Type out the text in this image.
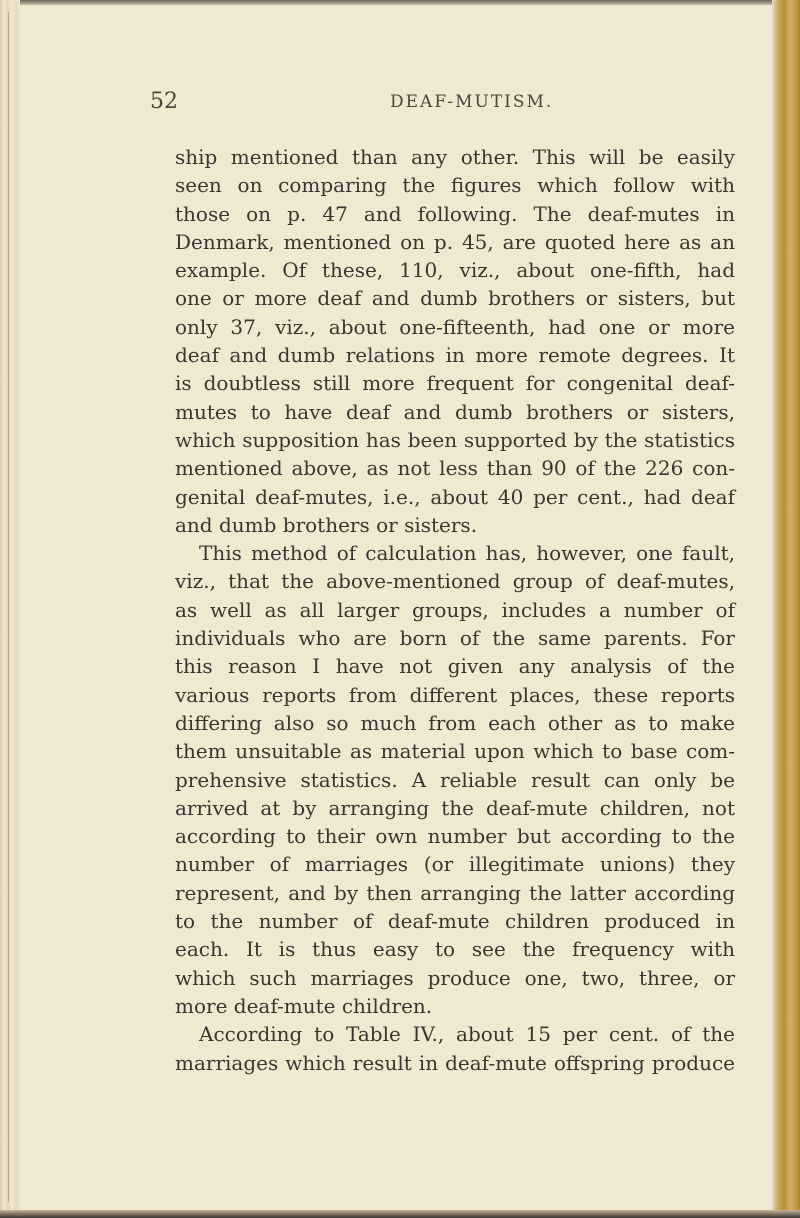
52	DEAF-MUTISM.
ship mentioned than any other. This will be easily
seen on comparing the figures which follow with
those on p. 47 and following. The deaf-mutes in
Denmark, mentioned on p. 45, are quoted here as an
example. Of these, 110, viz., about one-fifth, had
one or more deaf and dumb brothers or sisters, but
only 37, viz., about one-fifteenth, had one or more
deaf and dumb relations in more remote degrees. It
is doubtless still more frequent for congenital deaf-
mutes to have deaf and dumb brothers or sisters,
which supposition has been supported by the statistics
mentioned above, as not less than 90 of the 226 con-
genital deaf-mutes, i.e., about 40 per cent., had deaf
and dumb brothers or sisters.
This method of calculation has, however, one fault,
viz., that the above-mentioned group of deaf-mutes,
as well as all larger groups, includes a number of
individuals who are born of the same parents. For
this reason I have not given any analysis of the
various reports from different places, these reports
differing also so much from each other as to make
them unsuitable as material upon which to base com-
prehensive statistics. A reliable result can only be
arrived at by arranging the deaf-mute children, not
according to their own number but according to the
number of marriages (or illegitimate unions) they
represent, and by then arranging the latter according
to the number of deaf-mute children produced in
each. It is thus easy to see the frequency with
which such marriages produce one, two, three, or
more deaf-mute children.
According to Table IV., about 15 per cent. of the
marriages which result in deaf-mute offspring produce
